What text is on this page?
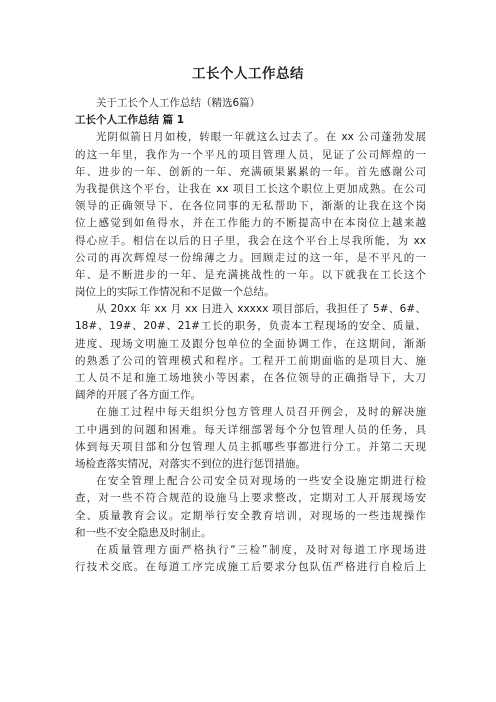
工长个人工作总结

关于工长个人工作总结（精选6篇）

工长个人工作总结 篇 1

光阴似箭日月如梭，转眼一年就这么过去了。在 xx 公司蓬勃发展
的这一年里，我作为一个平凡的项目管理人员，见证了公司辉煌的一
年、进步的一年、创新的一年、充满硕果累累的一年。首先感谢公司
为我提供这个平台，让我在 xx 项目工长这个职位上更加成熟。在公司
领导的正确领导下、在各位同事的无私帮助下，渐渐的让我在这个岗
位上感觉到如鱼得水，并在工作能力的不断提高中在本岗位上越来越
得心应手。相信在以后的日子里，我会在这个平台上尽我所能，为 xx
公司的再次辉煌尽一份绵薄之力。回顾走过的这一年，是不平凡的一
年、是不断进步的一年、是充满挑战性的一年。以下就我在工长这个
岗位上的实际工作情况和不足做一个总结。
从 20xx 年 xx 月 xx 日进入 xxxxx 项目部后，我担任了 5#、6#、
18#、19#、20#、21#工长的职务，负责本工程现场的安全、质量、
进度、现场文明施工及跟分包单位的全面协调工作，在这期间，渐渐
的熟悉了公司的管理模式和程序。工程开工前期面临的是项目大、施
工人员不足和施工场地狭小等因素，在各位领导的正确指导下，大刀
阔斧的开展了各方面工作。
在施工过程中每天组织分包方管理人员召开例会，及时的解决施
工中遇到的问题和困难。每天详细部署每个分包管理人员的任务，具
体到每天项目部和分包管理人员主抓哪些事都进行分工。并第二天现
场检查落实情况，对落实不到位的进行惩罚措施。
在安全管理上配合公司安全员对现场的一些安全设施定期进行检
查，对一些不符合规范的设施马上要求整改，定期对工人开展现场安
全、质量教育会议。定期举行安全教育培训，对现场的一些违规操作
和一些不安全隐患及时制止。
在质量管理方面严格执行“三检”制度，及时对每道工序现场进
行技术交底。在每道工序完成施工后要求分包队伍严格进行自检后上
